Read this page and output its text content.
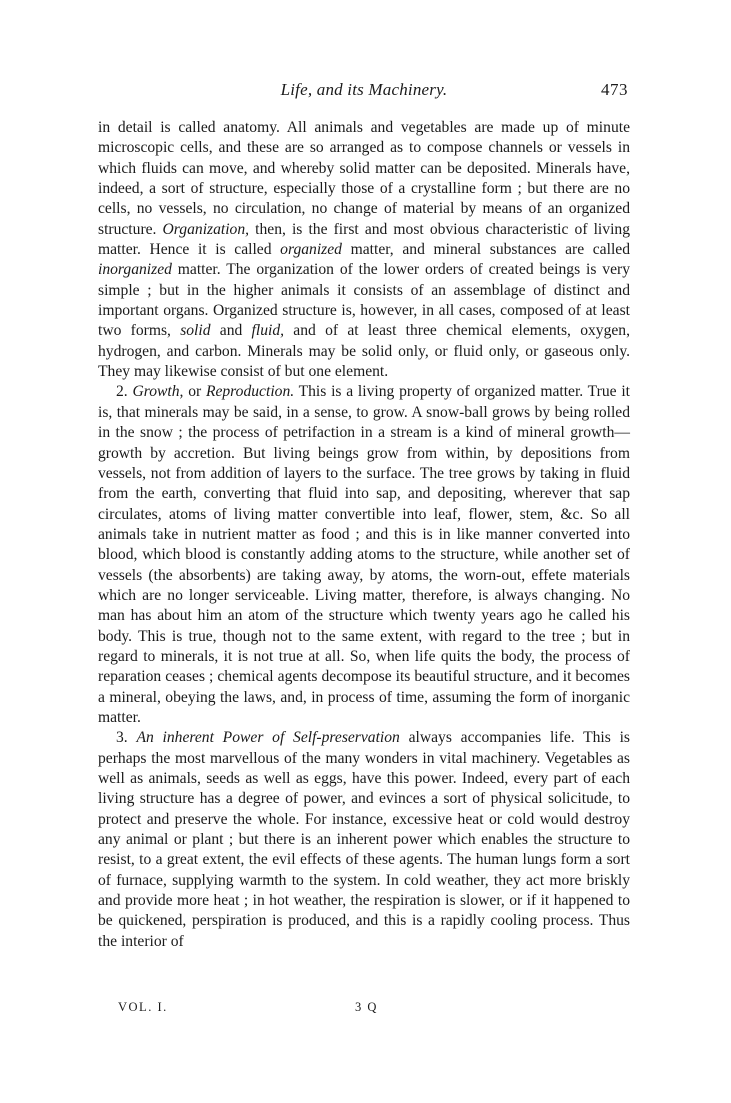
Life, and its Machinery.	473

in detail is called anatomy. All animals and vegetables are made up of minute microscopic cells, and these are so arranged as to compose channels or vessels in which fluids can move, and whereby solid matter can be deposited. Minerals have, indeed, a sort of structure, especially those of a crystalline form ; but there are no cells, no vessels, no circulation, no change of material by means of an organized structure. Organization, then, is the first and most obvious characteristic of living matter. Hence it is called organized matter, and mineral substances are called inorganized matter. The organization of the lower orders of created beings is very simple ; but in the higher animals it consists of an assemblage of distinct and important organs. Organized structure is, however, in all cases, composed of at least two forms, solid and fluid, and of at least three chemical elements, oxygen, hydrogen, and carbon. Minerals may be solid only, or fluid only, or gaseous only. They may likewise consist of but one element.

2. Growth, or Reproduction. This is a living property of organized matter. True it is, that minerals may be said, in a sense, to grow. A snow-ball grows by being rolled in the snow ; the process of petrifaction in a stream is a kind of mineral growth—growth by accretion. But living beings grow from within, by depositions from vessels, not from addition of layers to the surface. The tree grows by taking in fluid from the earth, converting that fluid into sap, and depositing, wherever that sap circulates, atoms of living matter convertible into leaf, flower, stem, &c. So all animals take in nutrient matter as food ; and this is in like manner converted into blood, which blood is constantly adding atoms to the structure, while another set of vessels (the absorbents) are taking away, by atoms, the worn-out, effete materials which are no longer serviceable. Living matter, therefore, is always changing. No man has about him an atom of the structure which twenty years ago he called his body. This is true, though not to the same extent, with regard to the tree ; but in regard to minerals, it is not true at all. So, when life quits the body, the process of reparation ceases ; chemical agents decompose its beautiful structure, and it becomes a mineral, obeying the laws, and, in process of time, assuming the form of inorganic matter.

3. An inherent Power of Self-preservation always accompanies life. This is perhaps the most marvellous of the many wonders in vital machinery. Vegetables as well as animals, seeds as well as eggs, have this power. Indeed, every part of each living structure has a degree of power, and evinces a sort of physical solicitude, to protect and preserve the whole. For instance, excessive heat or cold would destroy any animal or plant ; but there is an inherent power which enables the structure to resist, to a great extent, the evil effects of these agents. The human lungs form a sort of furnace, supplying warmth to the system. In cold weather, they act more briskly and provide more heat ; in hot weather, the respiration is slower, or if it happened to be quickened, perspiration is produced, and this is a rapidly cooling process. Thus the interior of

VOL. I.	3 Q
